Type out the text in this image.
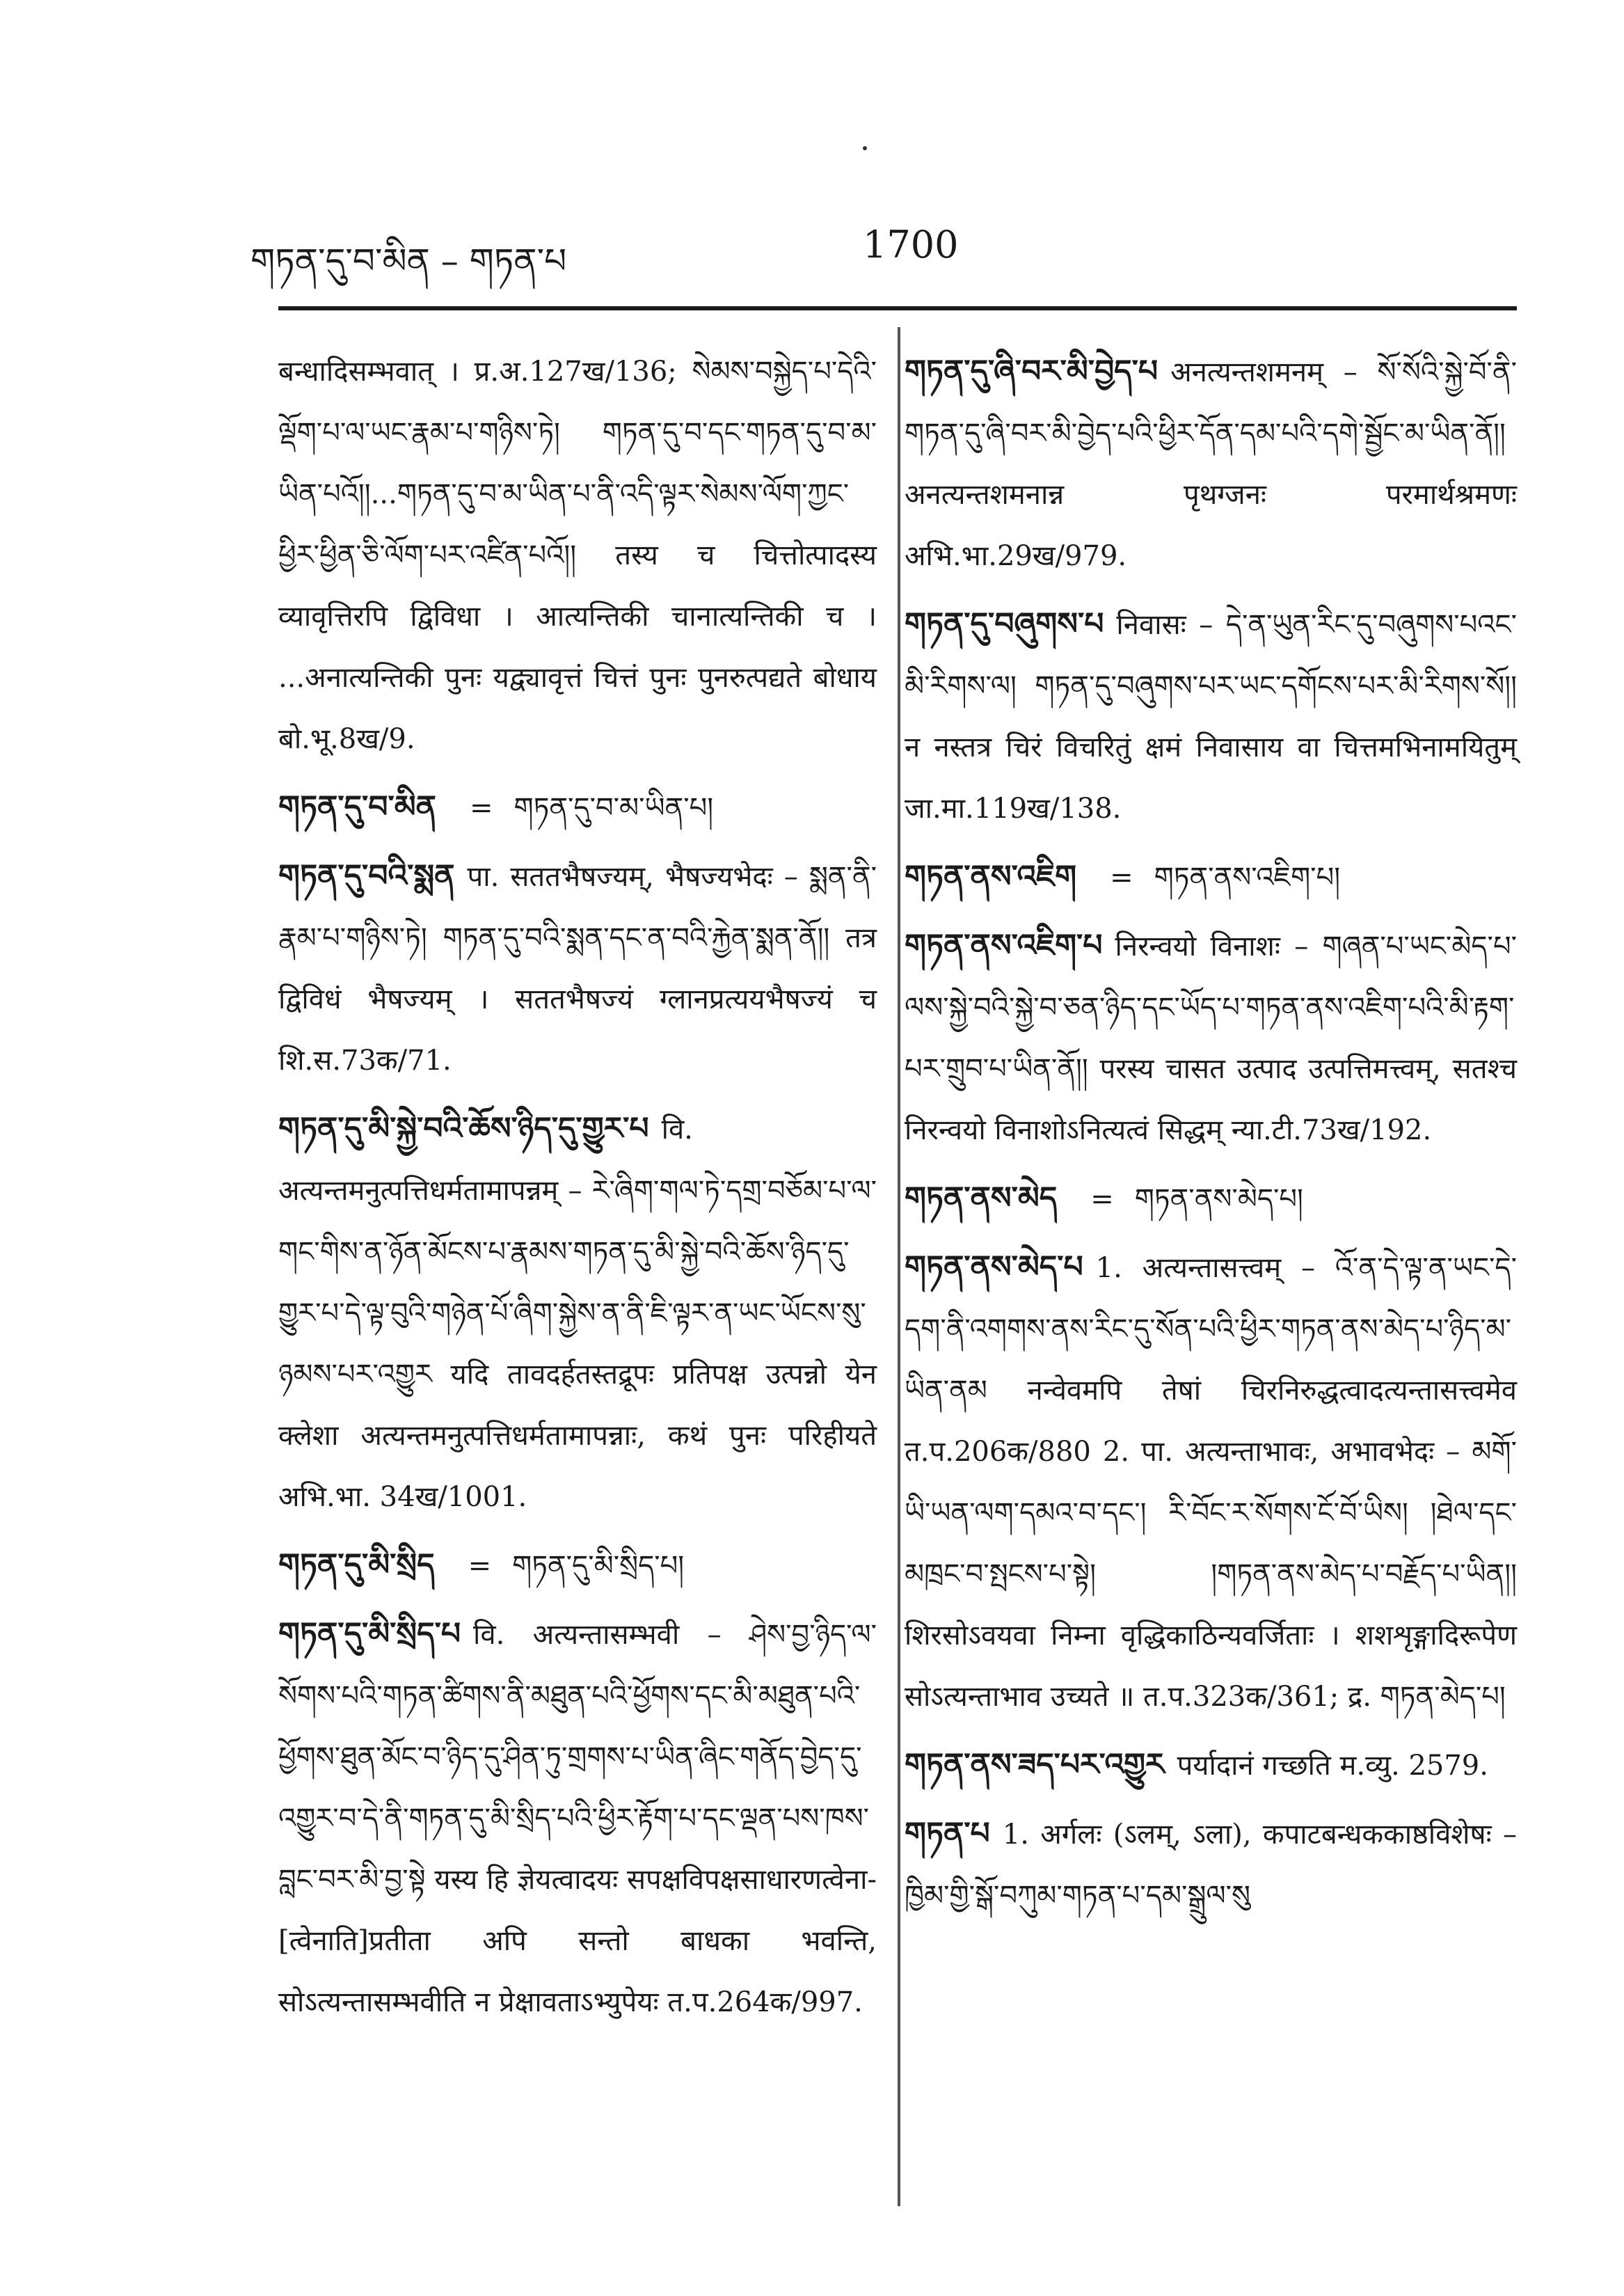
གཏན་དུ་བ་མིན – གཏན་པ	1700
बन्धादिसम्भवात् । प्र.अ.127ख/136; སེམས་བསྐྱེད་པ་དེའི་ལྡོག་པ་ལ་ཡང་རྣམ་པ་གཉིས་ཏེ། གཏན་དུ་བ་དང་གཏན་དུ་བ་མ་ཡིན་པའོ།།...གཏན་དུ་བ་མ་ཡིན་པ་ནི་འདི་ལྟར་སེམས་ལོག་ཀྱང་ཕྱིར་ཕྱིན་ཅི་ལོག་པར་འཛིན་པའོ།། तस्य च चित्तोत्पादस्य व्यावृत्तिरपि द्विविधा । आत्यन्तिकी चानात्यन्तिकी च । ...अनात्यन्तिकी पुनः यद्व्यावृत्तं चित्तं पुनः पुनरुत्पद्यते बोधाय बो.भू.8ख/9.
གཏན་དུ་བ་མིན = གཏན་དུ་བ་མ་ཡིན་པ།
གཏན་དུ་བའི་སྨན पा. सततभैषज्यम्, भैषज्यभेदः – སྨན་ནི་རྣམ་པ་གཉིས་ཏེ། གཏན་དུ་བའི་སྨན་དང་ན་བའི་རྐྱེན་སྨན་ནོ།། तत्र द्विविधं भैषज्यम् । सततभैषज्यं ग्लानप्रत्ययभैषज्यं च शि.स.73क/71.
གཏན་དུ་མི་སྐྱེ་བའི་ཆོས་ཉིད་དུ་གྱུར་པ वि. अत्यन्तमनुत्पत्तिधर्मतामापन्नम् – རེ་ཞིག་གལ་ཏེ་དགྲ་བཅོམ་པ་ལ་གང་གིས་ན་ཉོན་མོངས་པ་རྣམས་གཏན་དུ་མི་སྐྱེ་བའི་ཆོས་ཉིད་དུ་གྱུར་པ་དེ་ལྟ་བུའི་གཉེན་པོ་ཞིག་སྐྱེས་ན་ནི་ཇི་ལྟར་ན་ཡང་ཡོངས་སུ་ཉམས་པར་འགྱུར यदि तावदर्हतस्तद्रूपः प्रतिपक्ष उत्पन्नो येन क्लेशा अत्यन्तमनुत्पत्तिधर्मतामापन्नाः, कथं पुनः परिहीयते अभि.भा. 34ख/1001.
གཏན་དུ་མི་སྲིད = གཏན་དུ་མི་སྲིད་པ།
གཏན་དུ་མི་སྲིད་པ वि. अत्यन्तासम्भवी – ཤེས་བྱ་ཉིད་ལ་སོགས་པའི་གཏན་ཚིགས་ནི་མཐུན་པའི་ཕྱོགས་དང་མི་མཐུན་པའི་ཕྱོགས་ཐུན་མོང་བ་ཉིད་དུ་ཤིན་ཏུ་གྲགས་པ་ཡིན་ཞིང་གནོད་བྱེད་དུ་འགྱུར་བ་དེ་ནི་གཏན་དུ་མི་སྲིད་པའི་ཕྱིར་རྟོག་པ་དང་ལྡན་པས་ཁས་བླང་བར་མི་བྱ་སྟེ यस्य हि ज्ञेयत्वादयः सपक्षविपक्षसाधारणत्वेना-[त्वेनाति]प्रतीता अपि सन्तो बाधका भवन्ति, सोऽत्यन्तासम्भवीति न प्रेक्षावताऽभ्युपेयः त.प.264क/997.
གཏན་དུ་ཞི་བར་མི་བྱེད་པ अनत्यन्तशमनम् – སོ་སོའི་སྐྱེ་བོ་ནི་གཏན་དུ་ཞི་བར་མི་བྱེད་པའི་ཕྱིར་དོན་དམ་པའི་དགེ་སྦྱོང་མ་ཡིན་ནོ།། अनत्यन्तशमनान्न पृथग्जनः परमार्थश्रमणः अभि.भा.29ख/979.
གཏན་དུ་བཞུགས་པ निवासः – དེ་ན་ཡུན་རིང་དུ་བཞུགས་པའང་མི་རིགས་ལ། གཏན་དུ་བཞུགས་པར་ཡང་དགོངས་པར་མི་རིགས་སོ།། न नस्तत्र चिरं विचरितुं क्षमं निवासाय वा चित्तमभिनामयितुम् जा.मा.119ख/138.
གཏན་ནས་འཇིག = གཏན་ནས་འཇིག་པ།
གཏན་ནས་འཇིག་པ निरन्वयो विनाशः – གཞན་པ་ཡང་མེད་པ་ལས་སྐྱེ་བའི་སྐྱེ་བ་ཅན་ཉིད་དང་ཡོད་པ་གཏན་ནས་འཇིག་པའི་མི་རྟག་པར་གྲུབ་པ་ཡིན་ནོ།། परस्य चासत उत्पाद उत्पत्तिमत्त्वम्, सतश्च निरन्वयो विनाशोऽनित्यत्वं सिद्धम् न्या.टी.73ख/192.
གཏན་ནས་མེད = གཏན་ནས་མེད་པ།
གཏན་ནས་མེད་པ 1. अत्यन्तासत्त्वम् – འོ་ན་དེ་ལྟ་ན་ཡང་དེ་དག་ནི་འགགས་ནས་རིང་དུ་སོན་པའི་ཕྱིར་གཏན་ནས་མེད་པ་ཉིད་མ་ཡིན་ནམ नन्वेवमपि तेषां चिरनिरुद्धत्वादत्यन्तासत्त्वमेव त.प.206क/880 2. पा. अत्यन्ताभावः, अभावभेदः – མགོ་ཡི་ཡན་ལག་དམའ་བ་དང་། རི་བོང་ར་སོགས་ངོ་བོ་ཡིས། །ཐེལ་དང་མཁྲང་བ་སྤངས་པ་སྟེ། །གཏན་ནས་མེད་པ་བརྗོད་པ་ཡིན།། शिरसोऽवयवा निम्ना वृद्धिकाठिन्यवर्जिताः । शशशृङ्गादिरूपेण सोऽत्यन्ताभाव उच्यते ॥ त.प.323क/361; द्र. གཏན་མེད་པ།
གཏན་ནས་ཟད་པར་འགྱུར पर्यादानं गच्छति म.व्यु. 2579.
གཏན་པ 1. अर्गलः (ऽलम्, ऽला), कपाटबन्धककाष्ठविशेषः – ཁྱིམ་གྱི་སྒོ་བཀུམ་གཏན་པ་དམ་སྒྲུལ་སུ
